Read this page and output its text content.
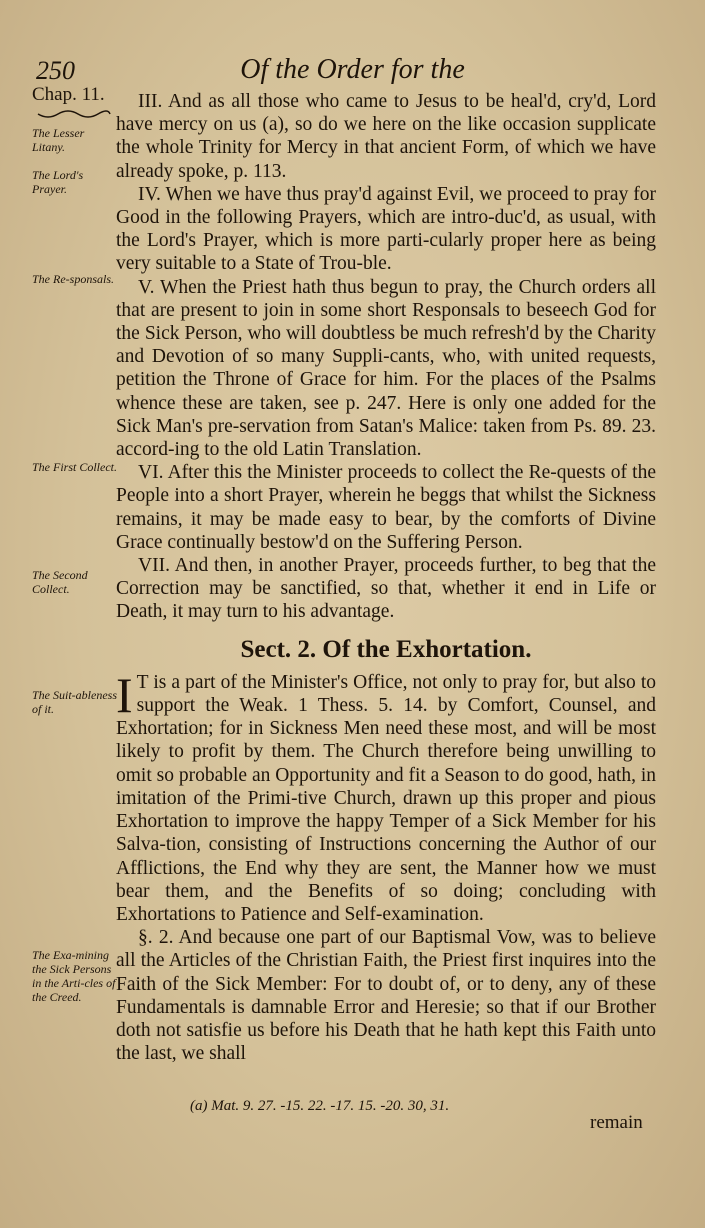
250	Of the Order for the
Chap. 11.
The Lesser Litany.
The Lord's Prayer.
The Re-sponsals.
The First Collect.
The Second Collect.
The Suit-ableness of it.
The Exa-mining the Sick Persons in the Arti-cles of the Creed.

III. And as all those who came to Jesus to be heal'd, cry'd, Lord have mercy on us (a), so do we here on the like occasion supplicate the whole Trinity for Mercy in that ancient Form, of which we have already spoke, p. 113.

IV. When we have thus pray'd against Evil, we proceed to pray for Good in the following Prayers, which are intro-duc'd, as usual, with the Lord's Prayer, which is more parti-cularly proper here as being very suitable to a State of Trou-ble.

V. When the Priest hath thus begun to pray, the Church orders all that are present to join in some short Responsals to beseech God for the Sick Person, who will doubtless be much refresh'd by the Charity and Devotion of so many Suppli-cants, who, with united requests, petition the Throne of Grace for him. For the places of the Psalms whence these are taken, see p. 247. Here is only one added for the Sick Man's pre-servation from Satan's Malice: taken from Ps. 89. 23. accord-ing to the old Latin Translation.

VI. After this the Minister proceeds to collect the Re-quests of the People into a short Prayer, wherein he beggs that whilst the Sickness remains, it may be made easy to bear, by the comforts of Divine Grace continually bestow'd on the Suffering Person.

VII. And then, in another Prayer, proceeds further, to beg that the Correction may be sanctified, so that, whether it end in Life or Death, it may turn to his advantage.

Sect. 2. Of the Exhortation.

I T is a part of the Minister's Office, not only to pray for, but also to support the Weak. 1 Thess. 5. 14. by Comfort, Counsel, and Exhortation; for in Sickness Men need these most, and will be most likely to profit by them. The Church therefore being unwilling to omit so probable an Opportunity and fit a Season to do good, hath, in imitation of the Primi-tive Church, drawn up this proper and pious Exhortation to improve the happy Temper of a Sick Member for his Salva-tion, consisting of Instructions concerning the Author of our Afflictions, the End why they are sent, the Manner how we must bear them, and the Benefits of so doing; concluding with Exhortations to Patience and Self-examination.

§. 2. And because one part of our Baptismal Vow, was to believe all the Articles of the Christian Faith, the Priest first inquires into the Faith of the Sick Member: For to doubt of, or to deny, any of these Fundamentals is damnable Error and Heresie; so that if our Brother doth not satisfie us before his Death that he hath kept this Faith unto the last, we shall

(a) Mat. 9. 27. -15. 22. -17. 15. -20. 30, 31.
remain
